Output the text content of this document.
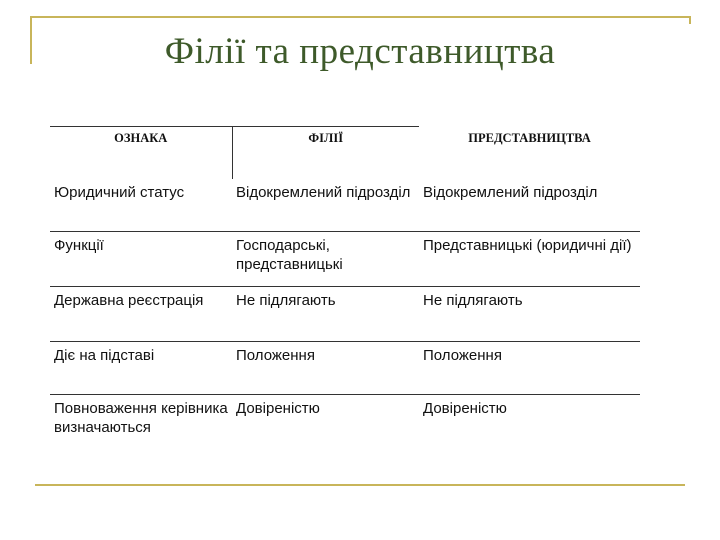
Філії та представництва
ОЗНАКА	ФІЛІЇ	ПРЕДСТАВНИЦТВА
Юридичний статус	Відокремлений підрозділ	Відокремлений підрозділ
Функції	Господарські, представницькі	Представницькі (юридичні дії)
Державна реєстрація	Не підлягають	Не підлягають
Діє на підставі	Положення	Положення
Повноваження керівника визначаються	Довіреністю	Довіреністю
